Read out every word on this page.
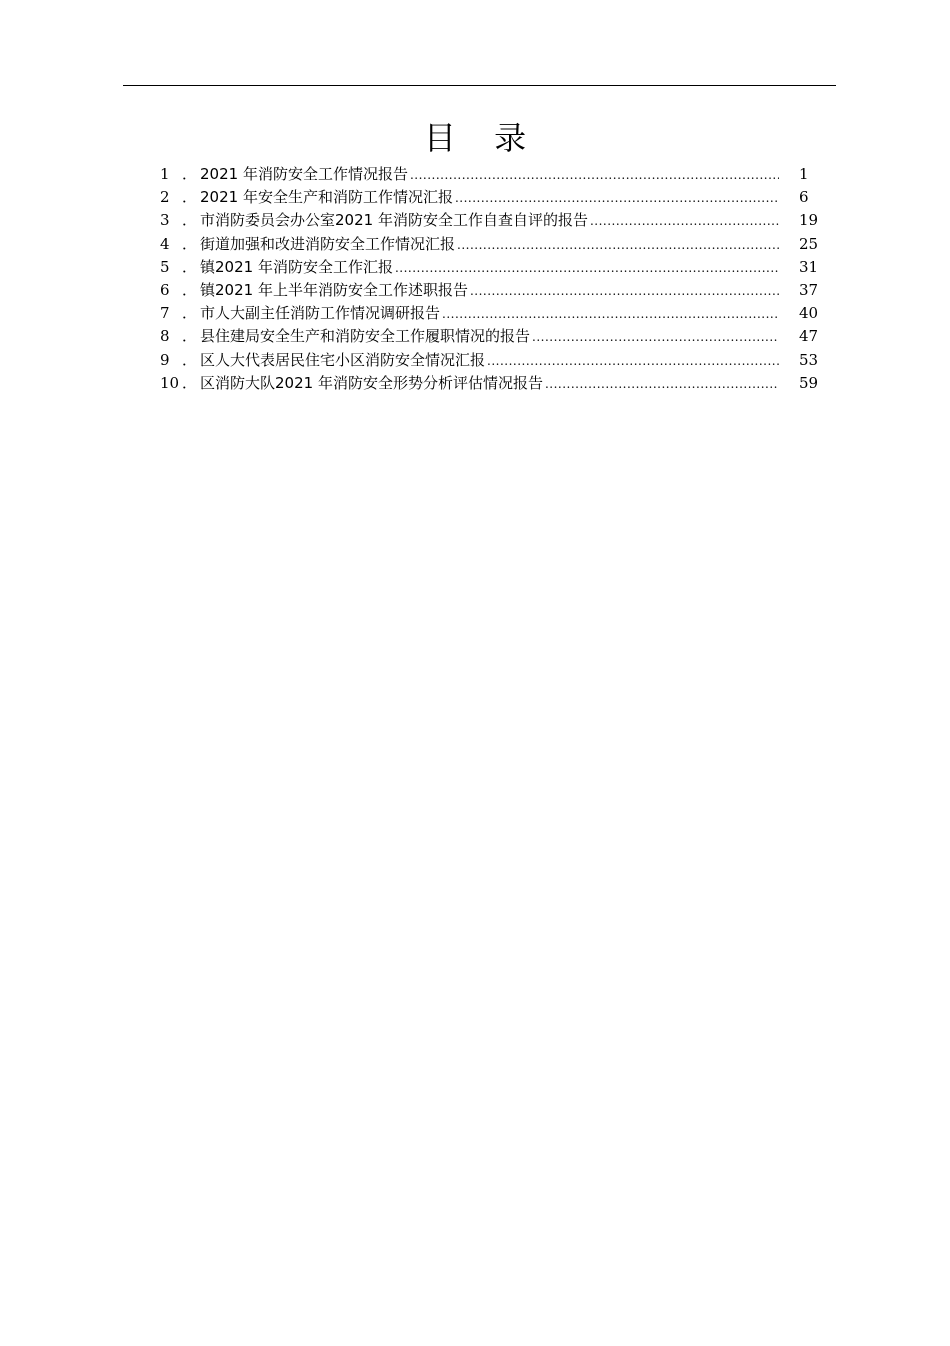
目 录
1 ． 2021 年消防安全工作情况报告 .....	1
2 ． 2021 年安全生产和消防工作情况汇报 .....	6
3 ． 市消防委员会办公室2021 年消防安全工作自查自评的报告 .....	19
4 ． 街道加强和改进消防安全工作情况汇报 .....	25
5 ． 镇2021 年消防安全工作汇报 .....	31
6 ． 镇2021 年上半年消防安全工作述职报告 .....	37
7 ． 市人大副主任消防工作情况调研报告 .....	40
8 ． 县住建局安全生产和消防安全工作履职情况的报告 .....	47
9 ． 区人大代表居民住宅小区消防安全情况汇报 .....	53
10 ． 区消防大队2021 年消防安全形势分析评估情况报告 .....	59
